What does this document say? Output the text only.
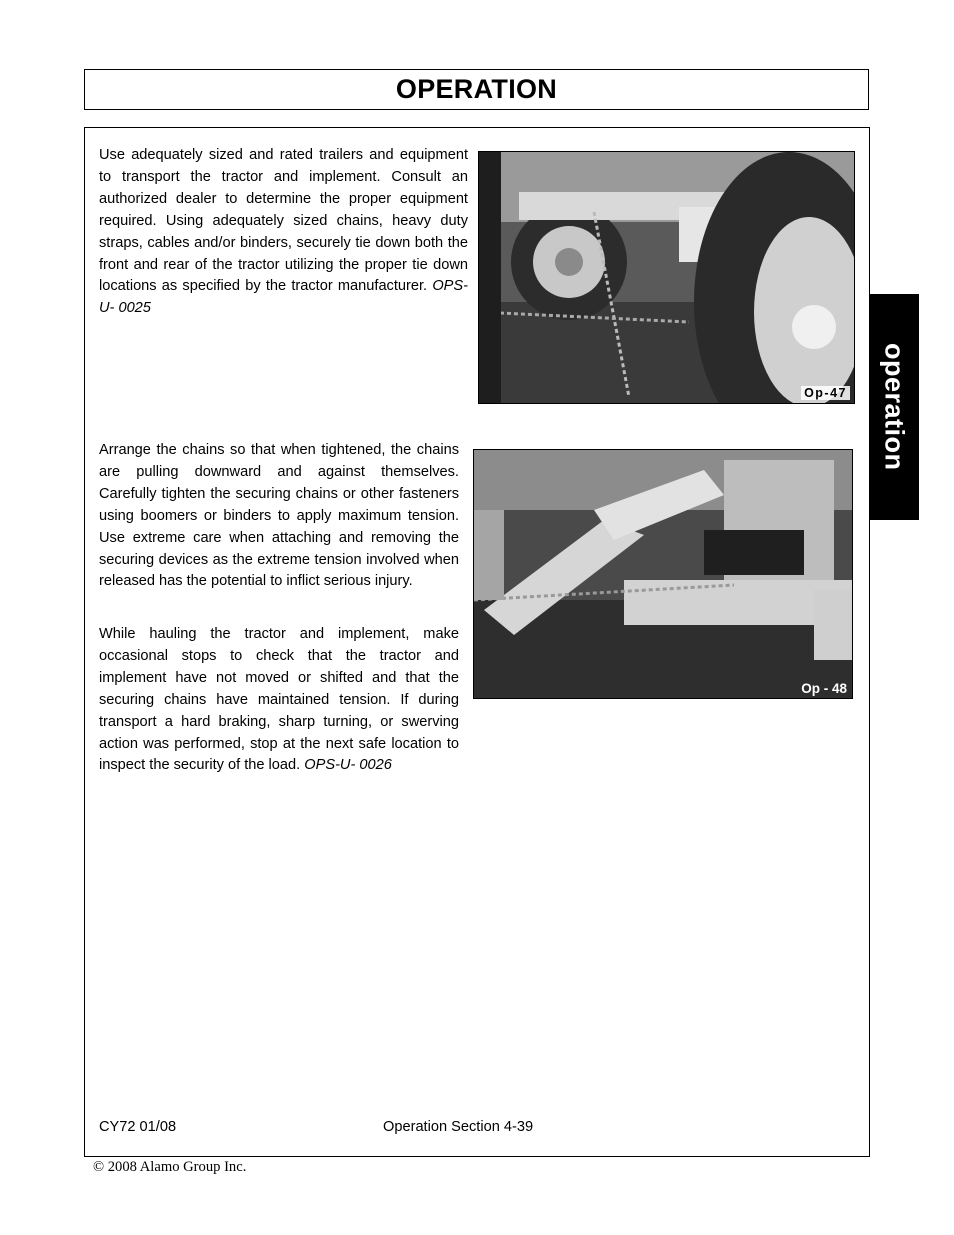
OPERATION

Use adequately sized and rated trailers and equipment to transport the tractor and implement. Consult an authorized dealer to determine the proper equipment required. Using adequately sized chains, heavy duty straps, cables and/or binders, securely tie down both the front and rear of the tractor utilizing the proper tie down locations as specified by the tractor manufacturer. OPS-U- 0025

Op-47

Arrange the chains so that when tightened, the chains are pulling downward and against themselves. Carefully tighten the securing chains or other fasteners using boomers or binders to apply maximum tension. Use extreme care when attaching and removing the securing devices as the extreme tension involved when released has the potential to inflict serious injury.

While hauling the tractor and implement, make occasional stops to check that the tractor and implement have not moved or shifted and that the securing chains have maintained tension. If during transport a hard braking, sharp turning, or swerving action was performed, stop at the next safe location to inspect the security of the load. OPS-U- 0026

Op - 48
operation
CY72 01/08	Operation Section 4-39
© 2008 Alamo Group Inc.
